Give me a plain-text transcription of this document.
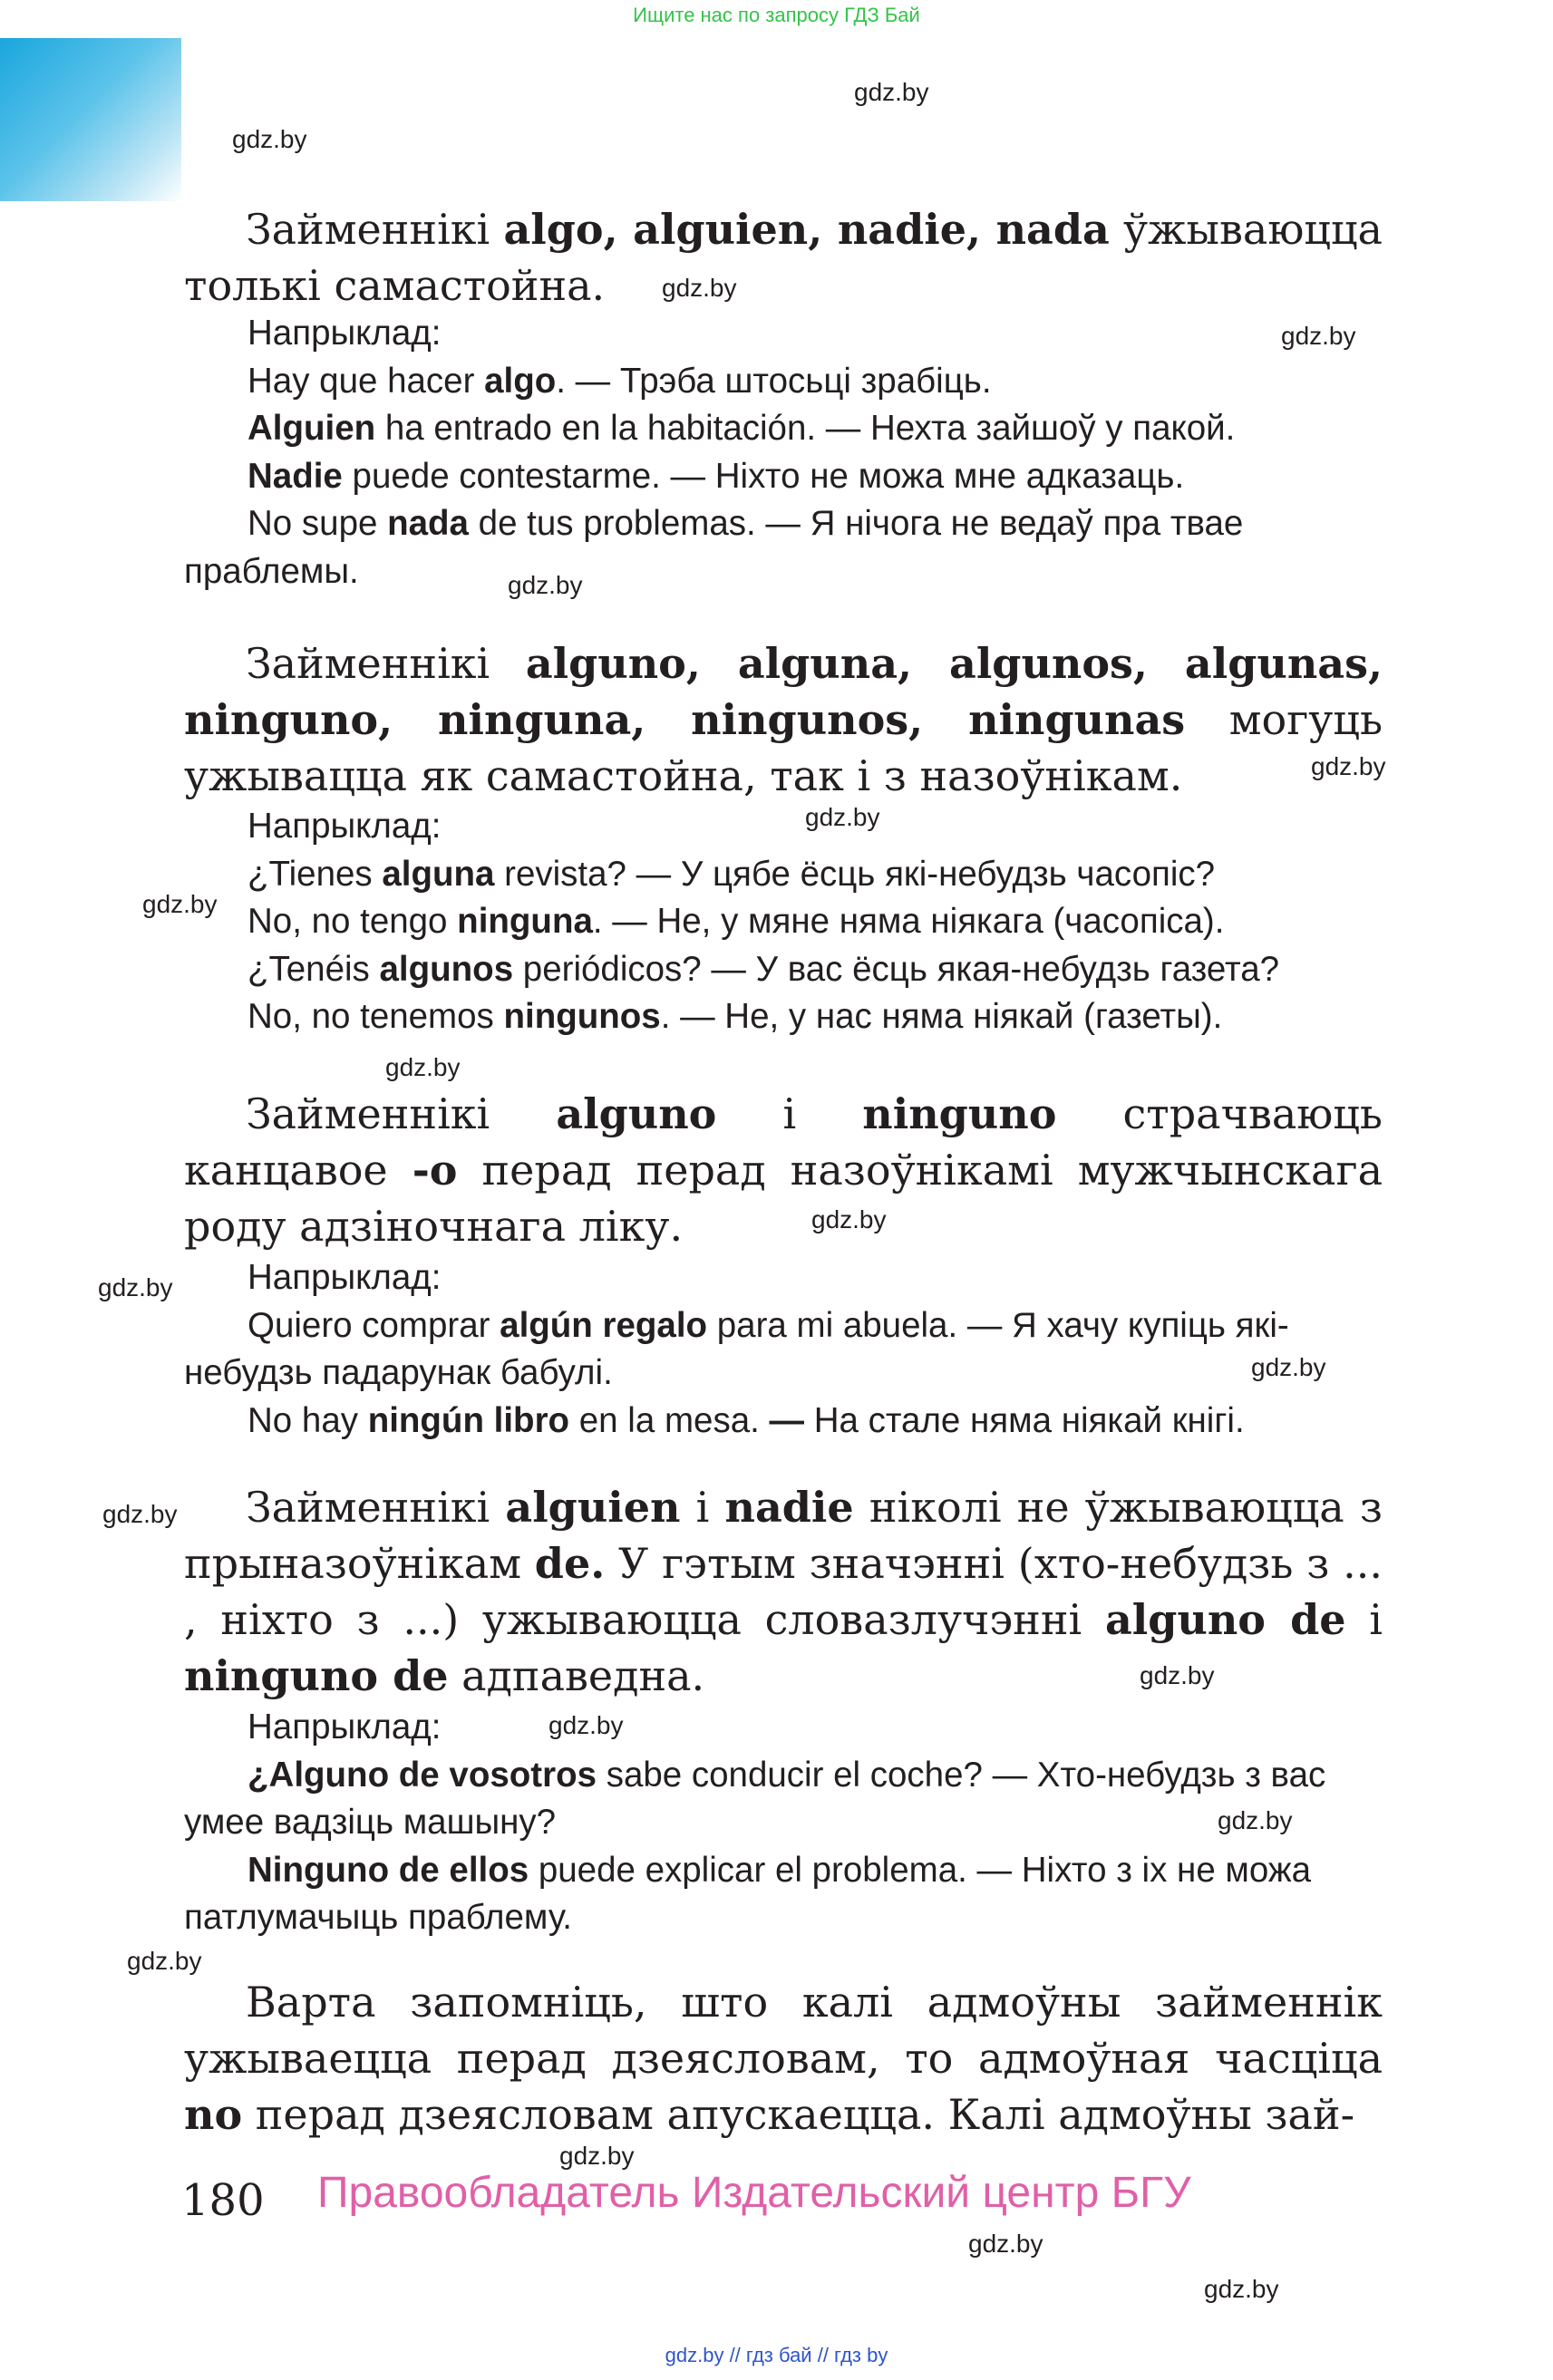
Ищите нас по запросу ГДЗ Бай
gdz.by
gdz.by
Займеннікі algo, alguien, nadie, nada ўжываюцца толькі самастойна.

Напрыклад:

Hay que hacer algo. — Трэба штосьці зрабіць.

Alguien ha entrado en la habitación. — Нехта зайшоў у пакой.

Nadie puede contestarme. — Ніхто не можа мне адказаць.

No supe nada de tus problemas. — Я нічога не ведаў пра твае праблемы.

gdz.by
gdz.by
gdz.by
Займеннікі alguno, alguna, algunos, algunas, ninguno, ninguna, ningunos, ningunas могуць ужывацца як самастойна, так і з назоўнікам.	gdz.by
gdz.by
gdz.by

Напрыклад:

¿Tienes alguna revista? — У цябе ёсць які-небудзь часопіс?

No, no tengo ninguna. — Не, у мяне няма ніякага (часопіса).

¿Tenéis algunos periódicos? — У вас ёсць якая-небудзь газета?

No, no tenemos ningunos. — Не, у нас няма ніякай (газеты).

gdz.by
Займеннікі alguno і ninguno страчваюць канцавое -o перад перад назоўнікамі мужчынскага роду адзіночнага ліку.	gdz.by
gdz.by	Напрыклад:

Quiero comprar algún regalo para mi abuela. — Я хачу купіць які-небудзь падарунак бабулі.

No hay ningún libro en la mesa. — На стале няма ніякай кнігі.

gdz.by
gdz.by	Займеннікі alguien і nadie ніколі не ўжываюцца з прыназоўнікам de. У гэтым значэнні (хто-небудзь з ... , ніхто з ...) ужываюцца словазлучэнні alguno de і ninguno de адпаведна.	gdz.by
gdz.by

Напрыклад:

¿Alguno de vosotros sabe conducir el coche? — Хто-небудзь з вас умее вадзіць машыну?

Ninguno de ellos puede explicar el problema. — Ніхто з іх не можа патлумачыць праблему.

gdz.by
gdz.by
Варта запомніць, што калі адмоўны займеннік ужываецца перад дзеясловам, то адмоўная часціца no перад дзеясловам апускаецца. Калі адмоўны зай-
gdz.by
180 Правообладатель Издательский центр БГУ
gdz.by
gdz.by
gdz.by // гдз бай // гдз by
